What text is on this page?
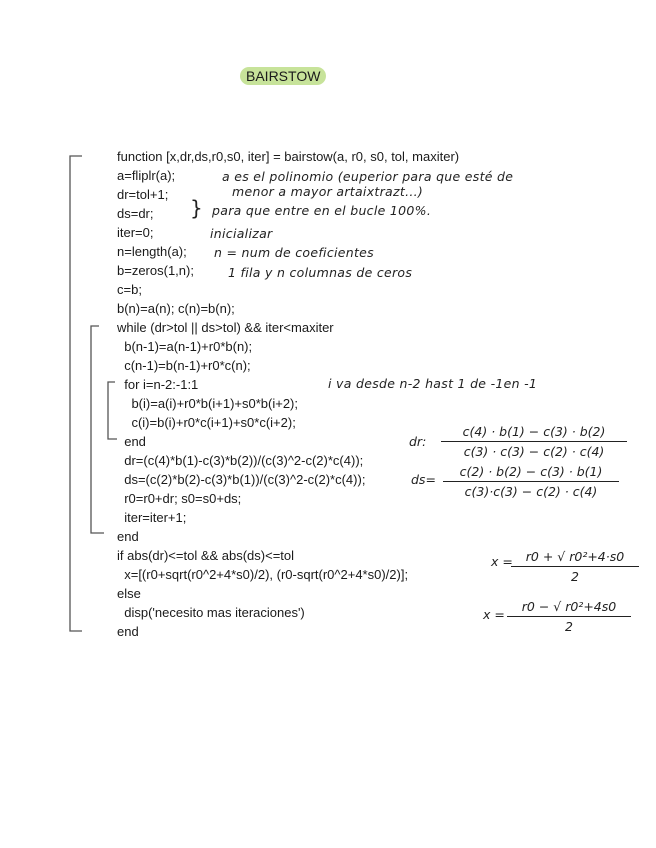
BAIRSTOW
function [x,dr,ds,r0,s0, iter] = bairstow(a, r0, s0, tol, maxiter)
a=fliplr(a);
dr=tol+1;
ds=dr;
iter=0;
n=length(a);
b=zeros(1,n);
c=b;
b(n)=a(n); c(n)=b(n);
while (dr>tol || ds>tol) && iter<maxiter
b(n-1)=a(n-1)+r0*b(n);
c(n-1)=b(n-1)+r0*c(n);
for i=n-2:-1:1
b(i)=a(i)+r0*b(i+1)+s0*b(i+2);
c(i)=b(i)+r0*c(i+1)+s0*c(i+2);
end
dr=(c(4)*b(1)-c(3)*b(2))/(c(3)^2-c(2)*c(4));
ds=(c(2)*b(2)-c(3)*b(1))/(c(3)^2-c(2)*c(4));
r0=r0+dr; s0=s0+ds;
iter=iter+1;
end
if abs(dr)<=tol && abs(ds)<=tol
x=[(r0+sqrt(r0^2+4*s0)/2), (r0-sqrt(r0^2+4*s0)/2)];
else
disp('necesito mas iteraciones')
end
a es el polinomio (euperior para que esté de
menor a mayor artaixtrazt...)
} para que entre en el bucle 100%.
inicializar
n = num de coeficientes
1 fila y n columnas de ceros
i va desde n-2 hast 1 de -1en -1
dr: $\frac{c(4) \cdot b(1) - c(3) \cdot b(2)}{c(3) \cdot c(3) - c(2) \cdot c(4)}$
$ds= \frac{c(2) \cdot b(2) - c(3) \cdot b(1)}{c(3)\cdot c(3) - c(2) \cdot c(4)}$
x =
$\frac{\text{r0 + √ r0²+4·s0}}{2}$
$x = \frac{\text{r0 − √ r0²+4s0}}{2}$
